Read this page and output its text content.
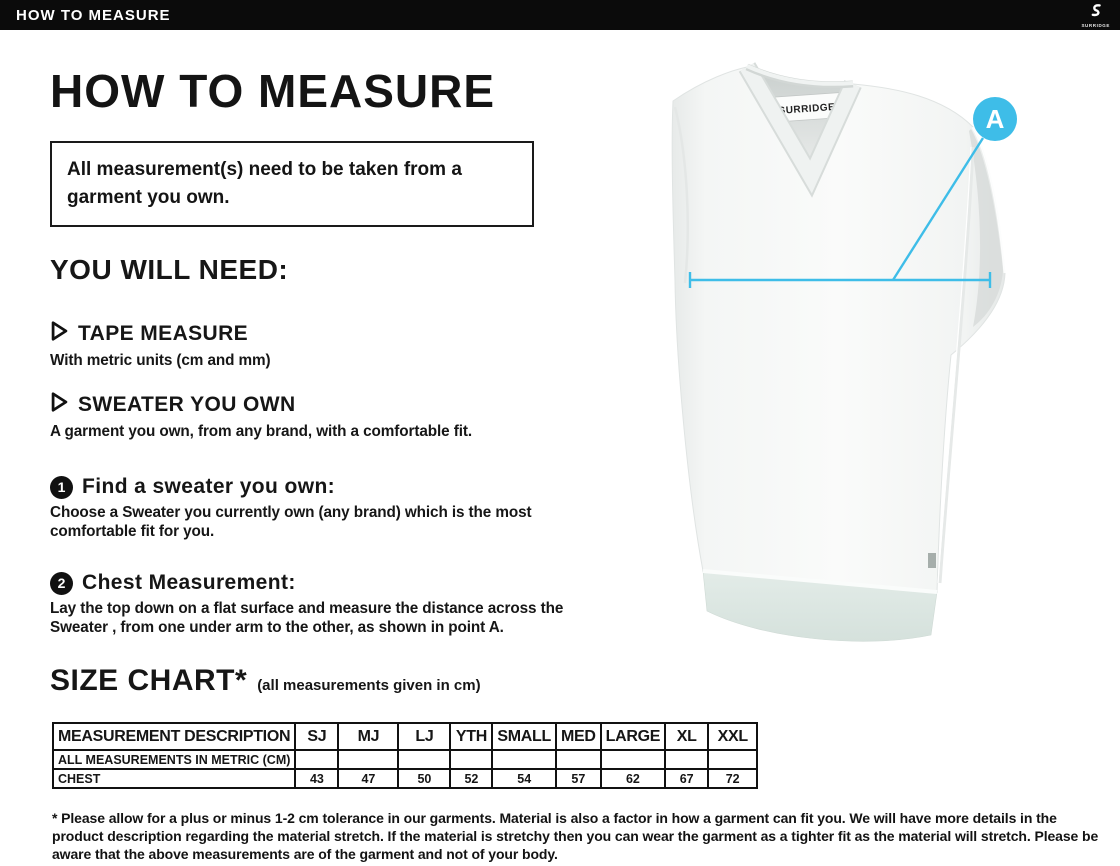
HOW TO MEASURE
SURRIDGE
HOW TO MEASURE
All measurement(s) need to be taken from a garment you own.
YOU WILL NEED:
TAPE MEASURE

With metric units (cm and mm)

SWEATER YOU OWN

A garment you own, from any brand, with a comfortable fit.

1 Find a sweater you own:

Choose a Sweater you currently own (any brand) which is the most comfortable fit for you.

2 Chest Measurement:

Lay the top down on a flat surface and measure the distance across the Sweater , from one under arm to the other, as shown in point A.

SIZE CHART* (all measurements given in cm)
MEASUREMENT DESCRIPTION	SJ	MJ	LJ	YTH	SMALL	MED	LARGE	XL	XXL
ALL MEASUREMENTS IN METRIC (CM)									
CHEST	43	47	50	52	54	57	62	67	72

* Please allow for a plus or minus 1-2 cm tolerance in our garments. Material is also a factor in how a garment can fit you. We will have more details in the product description regarding the material stretch. If the material is stretchy then you can wear the garment as a tighter fit as the material will stretch. Please be aware that the above measurements are of the garment and not of your body.

SURRIDGE	A
